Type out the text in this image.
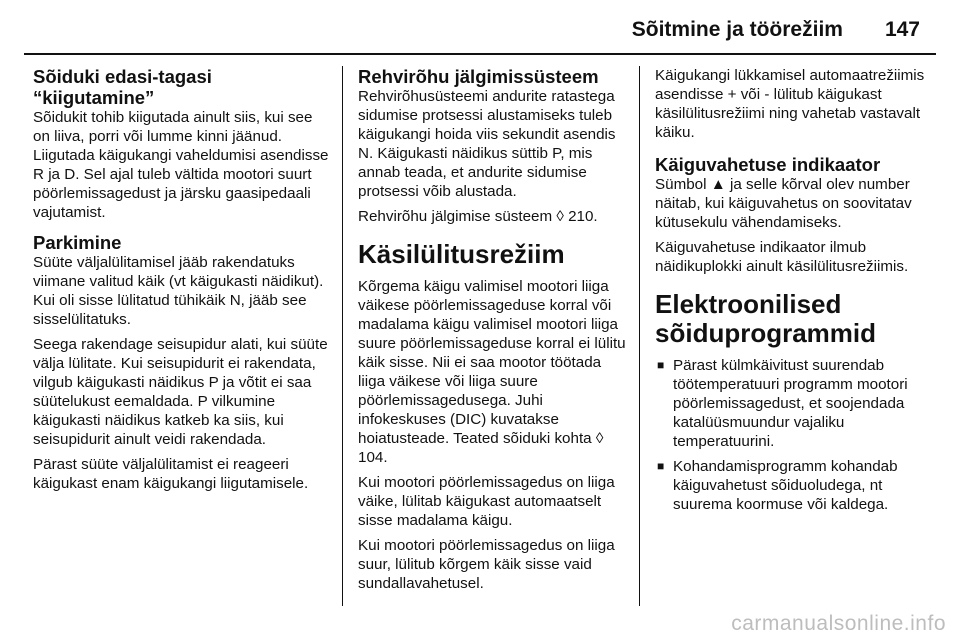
Sõitmine ja töörežiim 147
Sõiduki edasi-tagasi
“kiigutamine”

Sõidukit tohib kiigutada ainult siis, kui see on liiva, porri või lumme kinni jäänud. Liigutada käigukangi vaheldumisi asendisse R ja D. Sel ajal tuleb vältida mootori suurt pöörlemissagedust ja järsku gaasipedaali vajutamist.

Parkimine

Süüte väljalülitamisel jääb rakendatuks viimane valitud käik (vt käigukasti näidikut). Kui oli sisse lülitatud tühikäik N, jääb see sisselülitatuks.

Seega rakendage seisupidur alati, kui süüte välja lülitate. Kui seisupidurit ei rakendata, vilgub käigukasti näidikus P ja võtit ei saa süütelukust eemaldada. P vilkumine käigukasti näidikus katkeb ka siis, kui seisupidurit ainult veidi rakendada.

Pärast süüte väljalülitamist ei reageeri käigukast enam käigukangi liigutamisele.

Rehvirõhu jälgimissüsteem

Rehvirõhusüsteemi andurite ratastega sidumise protsessi alustamiseks tuleb käigukangi hoida viis sekundit asendis N. Käigukasti näidikus süttib P, mis annab teada, et andurite sidumise protsessi võib alustada.

Rehvirõhu jälgimise süsteem ◊ 210.

Käsilülitusrežiim

Kõrgema käigu valimisel mootori liiga väikese pöörlemissageduse korral või madalama käigu valimisel mootori liiga suure pöörlemissageduse korral ei lülitu käik sisse. Nii ei saa mootor töötada liiga väikese või liiga suure pöörlemissagedusega. Juhi infokeskuses (DIC) kuvatakse hoiatusteade. Teated sõiduki kohta ◊ 104.

Kui mootori pöörlemissagedus on liiga väike, lülitab käigukast automaatselt sisse madalama käigu.

Kui mootori pöörlemissagedus on liiga suur, lülitub kõrgem käik sisse vaid sundallavahetusel.

Käigukangi lükkamisel automaatrežiimis asendisse + või - lülitub käigukast käsilülitusrežiimi ning vahetab vastavalt käiku.

Käiguvahetuse indikaator

Sümbol ▲ ja selle kõrval olev number näitab, kui käiguvahetus on soovitatav kütusekulu vähendamiseks.

Käiguvahetuse indikaator ilmub näidikuplokki ainult käsilülitusrežiimis.

Elektroonilised
sõiduprogrammid
■ Pärast külmkäivitust suurendab töötemperatuuri programm mootori pöörlemissagedust, et soojendada katalüüsmuundur vajaliku temperatuurini.
■ Kohandamisprogramm kohandab käiguvahetust sõiduoludega, nt suurema koormuse või kaldega.
carmanualsonline.info
